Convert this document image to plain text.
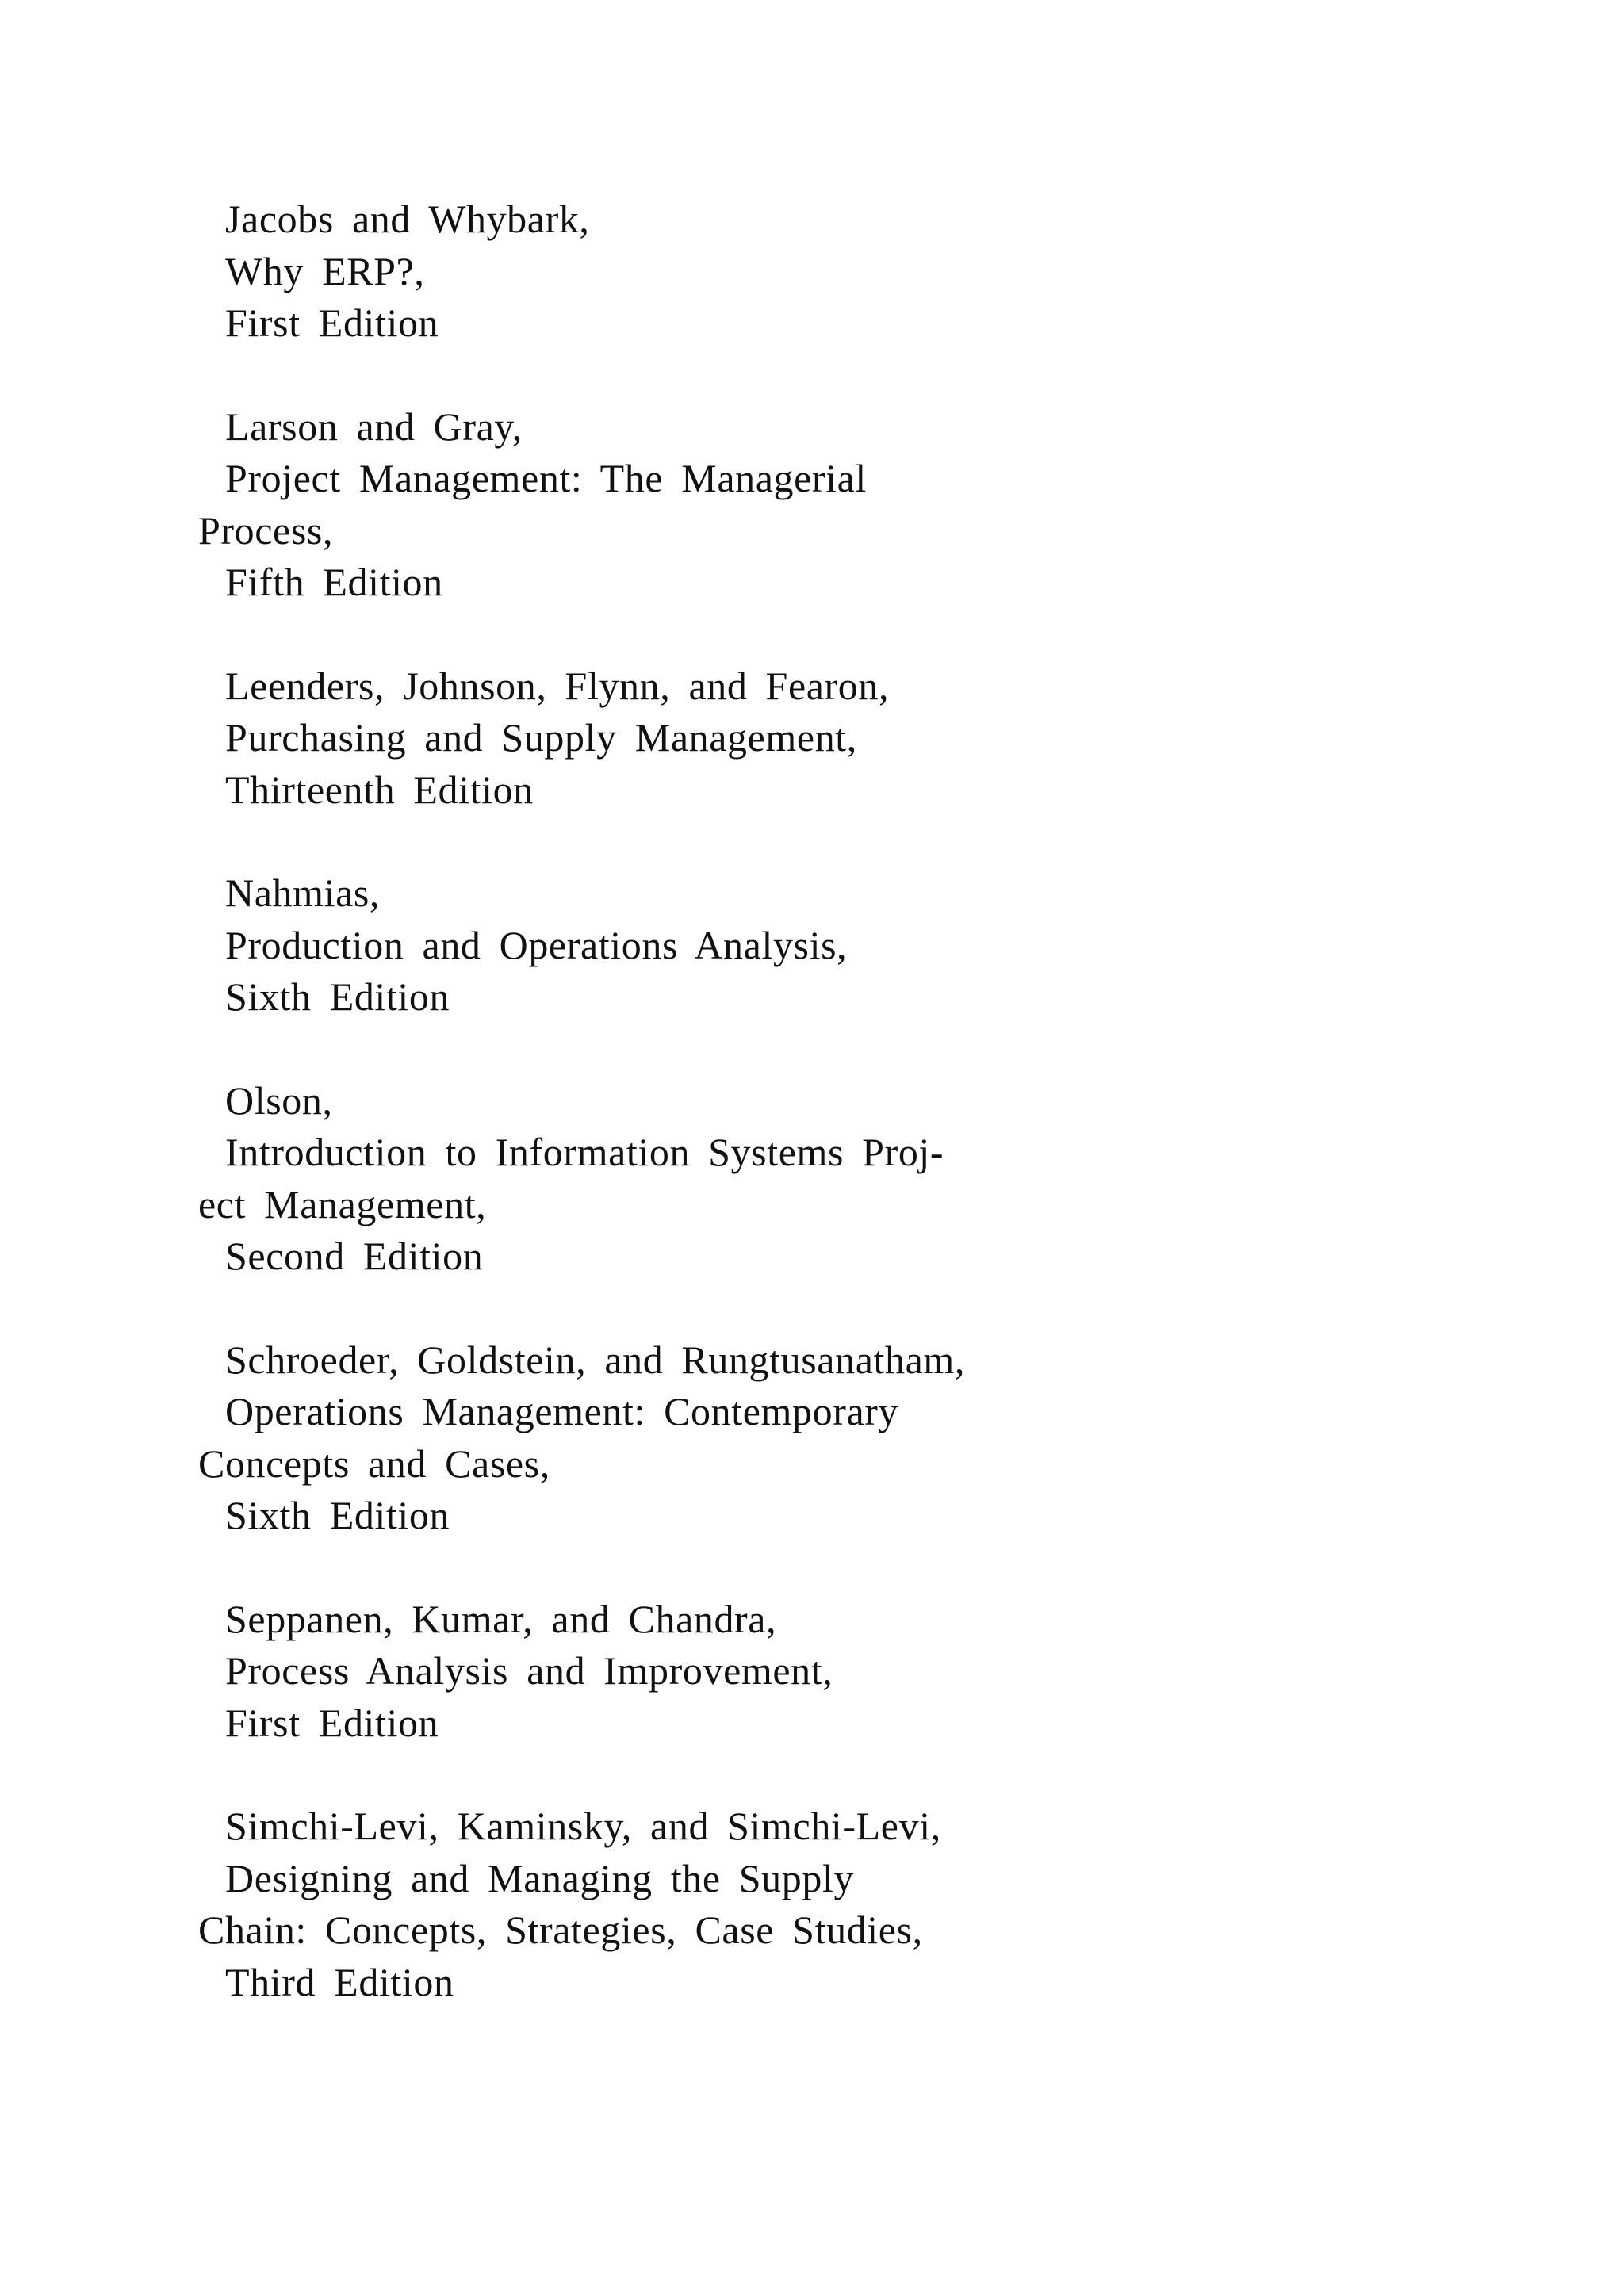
Jacobs and Whybark,
Why ERP?,
First Edition
Larson and Gray,
Project Management: The Managerial
Process,
Fifth Edition
Leenders, Johnson, Flynn, and Fearon,
Purchasing and Supply Management,
Thirteenth Edition
Nahmias,
Production and Operations Analysis,
Sixth Edition
Olson,
Introduction to Information Systems Proj-
ect Management,
Second Edition
Schroeder, Goldstein, and Rungtusanatham,
Operations Management: Contemporary
Concepts and Cases,
Sixth Edition
Seppanen, Kumar, and Chandra,
Process Analysis and Improvement,
First Edition
Simchi-Levi, Kaminsky, and Simchi-Levi,
Designing and Managing the Supply
Chain: Concepts, Strategies, Case Studies,
Third Edition
